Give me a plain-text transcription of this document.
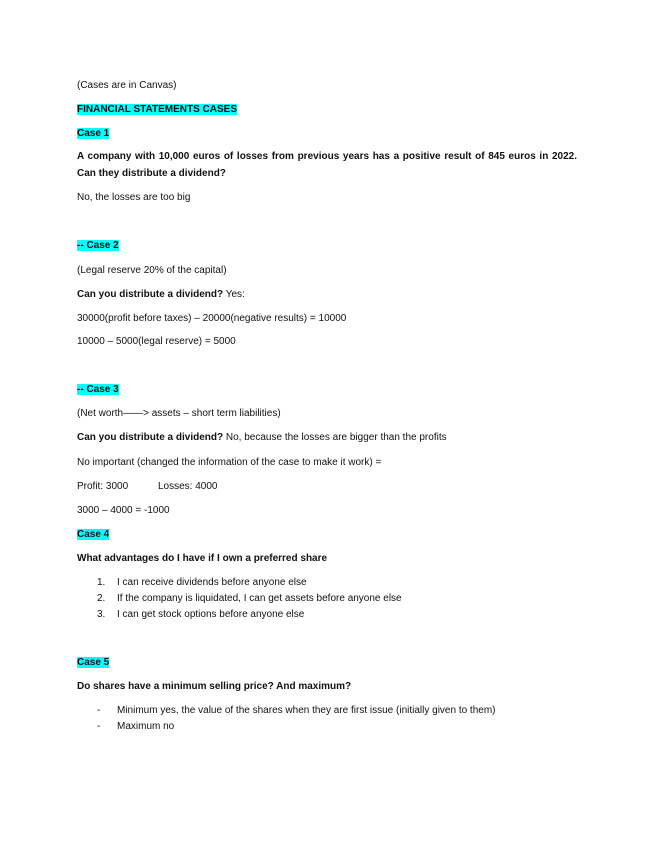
(Cases are in Canvas)
FINANCIAL STATEMENTS CASES
Case 1
A company with 10,000 euros of losses from previous years has a positive result of 845 euros in 2022. Can they distribute a dividend?
No, the losses are too big
-- Case 2
(Legal reserve 20% of the capital)
Can you distribute a dividend? Yes:
30000(profit before taxes) – 20000(negative results) = 10000
10000 – 5000(legal reserve) = 5000
-- Case 3
(Net worth——> assets – short term liabilities)
Can you distribute a dividend? No, because the losses are bigger than the profits
No important (changed the information of the case to make it work) =
Profit: 3000	Losses: 4000
3000 – 4000 = -1000
Case 4
What advantages do I have if I own a preferred share
1. I can receive dividends before anyone else
2. If the company is liquidated, I can get assets before anyone else
3. I can get stock options before anyone else
Case 5
Do shares have a minimum selling price? And maximum?
- Minimum yes, the value of the shares when they are first issue (initially given to them)
- Maximum no
